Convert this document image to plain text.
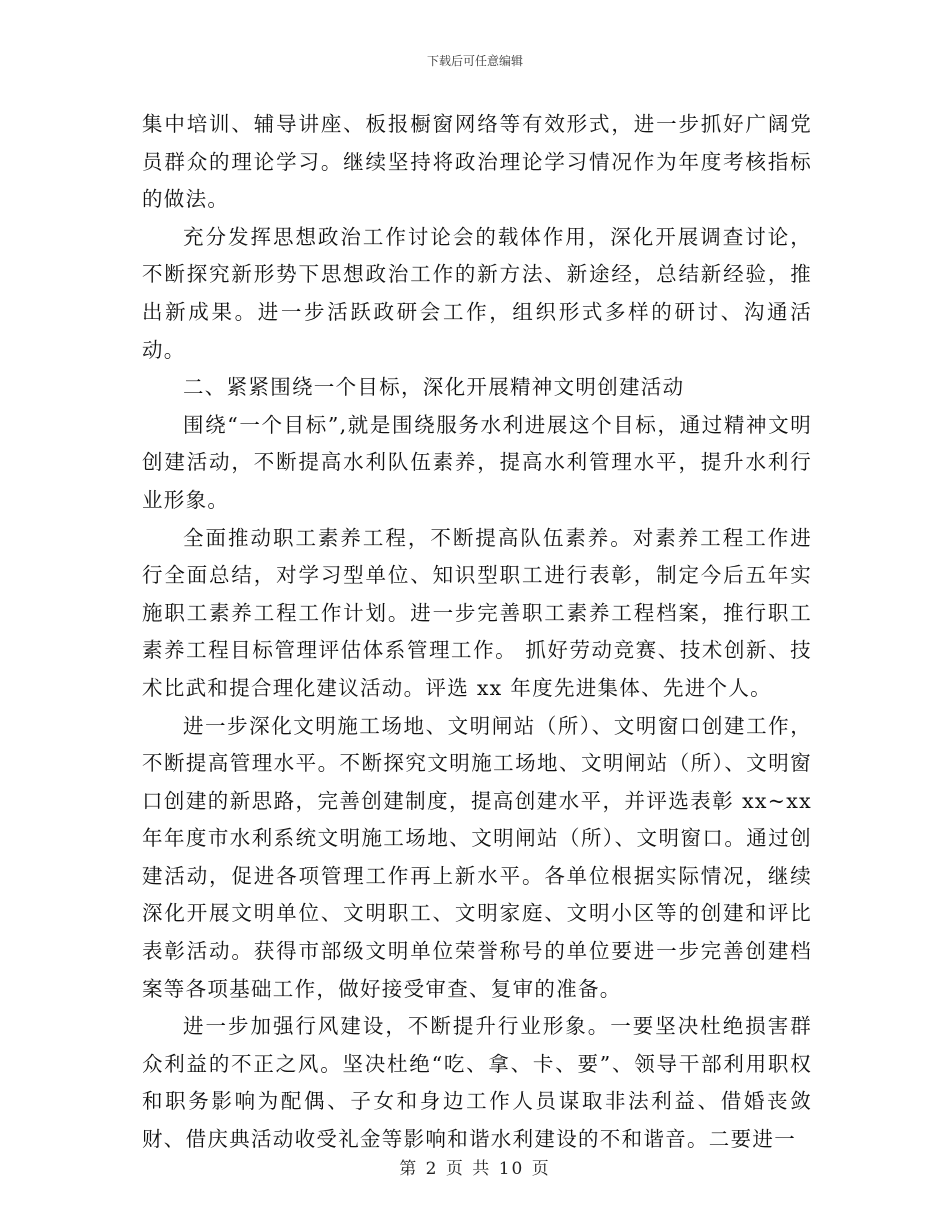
下载后可任意编辑

集中培训、辅导讲座、板报橱窗网络等有效形式，进一步抓好广阔党员群众的理论学习。继续坚持将政治理论学习情况作为年度考核指标的做法。

充分发挥思想政治工作讨论会的载体作用，深化开展调查讨论，不断探究新形势下思想政治工作的新方法、新途经，总结新经验，推出新成果。进一步活跃政研会工作，组织形式多样的研讨、沟通活动。

二、紧紧围绕一个目标，深化开展精神文明创建活动

围绕“一个目标”,就是围绕服务水利进展这个目标，通过精神文明创建活动，不断提高水利队伍素养，提高水利管理水平，提升水利行业形象。

全面推动职工素养工程，不断提高队伍素养。对素养工程工作进行全面总结，对学习型单位、知识型职工进行表彰，制定今后五年实施职工素养工程工作计划。进一步完善职工素养工程档案，推行职工素养工程目标管理评估体系管理工作。 抓好劳动竞赛、技术创新、技术比武和提合理化建议活动。评选 xx 年度先进集体、先进个人。

进一步深化文明施工场地、文明闸站（所）、文明窗口创建工作，不断提高管理水平。不断探究文明施工场地、文明闸站（所）、文明窗口创建的新思路，完善创建制度，提高创建水平，并评选表彰 xx~xx 年年度市水利系统文明施工场地、文明闸站（所）、文明窗口。通过创建活动，促进各项管理工作再上新水平。各单位根据实际情况，继续深化开展文明单位、文明职工、文明家庭、文明小区等的创建和评比表彰活动。获得市部级文明单位荣誉称号的单位要进一步完善创建档案等各项基础工作，做好接受审查、复审的准备。

进一步加强行风建设，不断提升行业形象。一要坚决杜绝损害群众利益的不正之风。坚决杜绝“吃、拿、卡、要”、领导干部利用职权和职务影响为配偶、子女和身边工作人员谋取非法利益、借婚丧敛财、借庆典活动收受礼金等影响和谐水利建设的不和谐音。二要进一

第 2 页 共 10 页
